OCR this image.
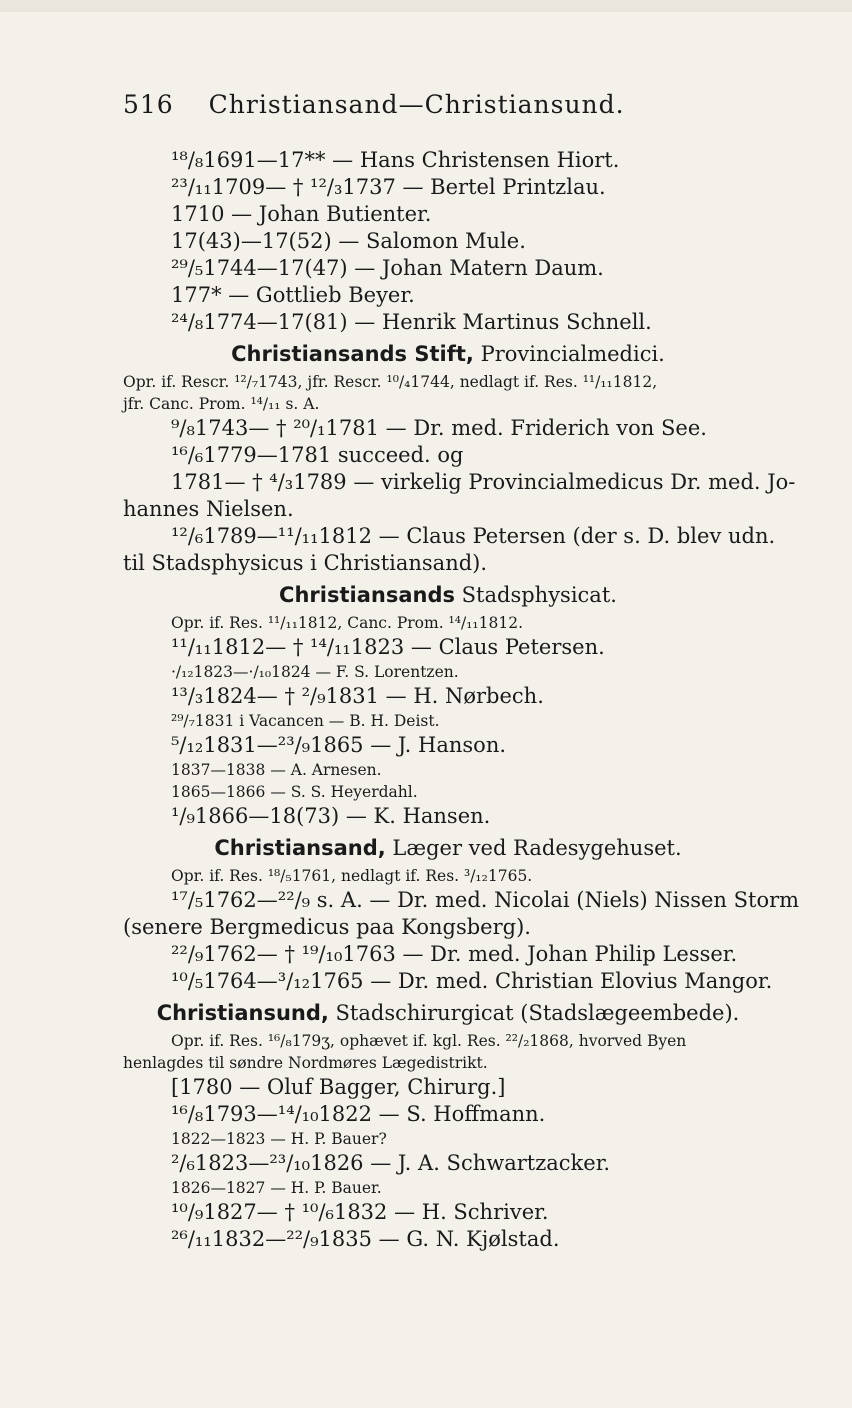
516 Christiansand—Christiansund.
¹⁸/₈1691—17** — Hans Christensen Hiort.
²³/₁₁1709— † ¹²/₃1737 — Bertel Printzlau.
1710 — Johan Butienter.
17(43)—17(52) — Salomon Mule.
²⁹/₅1744—17(47) — Johan Matern Daum.
177* — Gottlieb Beyer.
²⁴/₈1774—17(81) — Henrik Martinus Schnell.
Christiansands Stift, Provincialmedici.
Opr. if. Rescr. ¹²/₇1743, jfr. Rescr. ¹⁰/₄1744, nedlagt if. Res. ¹¹/₁₁1812,
jfr. Canc. Prom. ¹⁴/₁₁ s. A.
⁹/₈1743— † ²⁰/₁1781 — Dr. med. Friderich von See.
¹⁶/₆1779—1781 succeed. og
1781— † ⁴/₃1789 — virkelig Provincialmedicus Dr. med. Jo-
hannes Nielsen.
¹²/₆1789—¹¹/₁₁1812 — Claus Petersen (der s. D. blev udn.
til Stadsphysicus i Christiansand).
Christiansands Stadsphysicat.
Opr. if. Res. ¹¹/₁₁1812, Canc. Prom. ¹⁴/₁₁1812.
¹¹/₁₁1812— † ¹⁴/₁₁1823 — Claus Petersen.
·/₁₂1823—·/₁₀1824 — F. S. Lorentzen.
¹³/₃1824— † ²/₉1831 — H. Nørbech.
²⁹/₇1831 i Vacancen — B. H. Deist.
⁵/₁₂1831—²³/₉1865 — J. Hanson.
1837—1838 — A. Arnesen.
1865—1866 — S. S. Heyerdahl.
¹/₉1866—18(73) — K. Hansen.
Christiansand, Læger ved Radesygehuset.
Opr. if. Res. ¹⁸/₅1761, nedlagt if. Res. ³/₁₂1765.
¹⁷/₅1762—²²/₉ s. A. — Dr. med. Nicolai (Niels) Nissen Storm
(senere Bergmedicus paa Kongsberg).
²²/₉1762— † ¹⁹/₁₀1763 — Dr. med. Johan Philip Lesser.
¹⁰/₅1764—³/₁₂1765 — Dr. med. Christian Elovius Mangor.
Christiansund, Stadschirurgicat (Stadslægeembede).
Opr. if. Res. ¹⁶/₈179ʒ, ophævet if. kgl. Res. ²²/₂1868, hvorved Byen
henlagdes til søndre Nordmøres Lægedistrikt.
[1780 — Oluf Bagger, Chirurg.]
¹⁶/₈1793—¹⁴/₁₀1822 — S. Hoffmann.
1822—1823 — H. P. Bauer?
²/₆1823—²³/₁₀1826 — J. A. Schwartzacker.
1826—1827 — H. P. Bauer.
¹⁰/₉1827— † ¹⁰/₆1832 — H. Schriver.
²⁶/₁₁1832—²²/₉1835 — G. N. Kjølstad.
